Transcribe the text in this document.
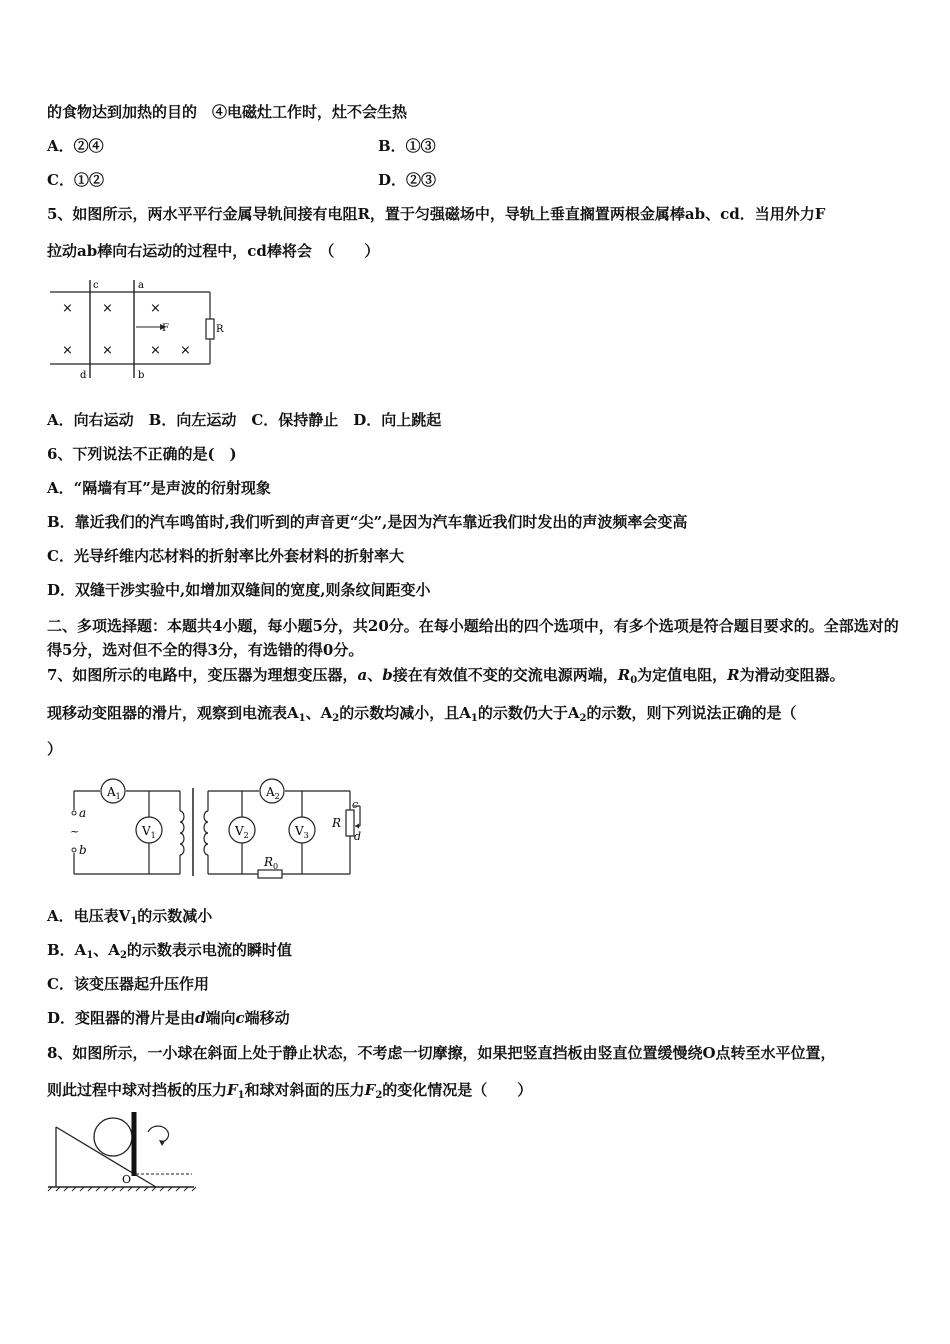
的食物达到加热的目的　④电磁灶工作时，灶不会生热
A．②④	B．①③
C．①②	D．②③
5、如图所示，两水平平行金属导轨间接有电阻R，置于匀强磁场中，导轨上垂直搁置两根金属棒ab、cd．当用外力F
拉动ab棒向右运动的过程中，cd棒将会　（　　）
c	a
d	b
F	R
× ×	×
× ×	× ×
A．向右运动　B．向左运动　C．保持静止　D．向上跳起
6、下列说法不正确的是(　)
A．“隔墙有耳”是声波的衍射现象
B．靠近我们的汽车鸣笛时,我们听到的声音更“尖”,是因为汽车靠近我们时发出的声波频率会变高
C．光导纤维内芯材料的折射率比外套材料的折射率大
D．双缝干涉实验中,如增加双缝间的宽度,则条纹间距变小
二、多项选择题：本题共4小题，每小题5分，共20分。在每小题给出的四个选项中，有多个选项是符合题目要求的。全部选对的得5分，选对但不全的得3分，有选错的得0分。
7、如图所示的电路中，变压器为理想变压器，a、b接在有效值不变的交流电源两端，$R_0$为定值电阻，R为滑动变阻器。
现移动变阻器的滑片，观察到电流表$A_1$、$A_2$的示数均减小，且$A_1$的示数仍大于$A_2$的示数，则下列说法正确的是（
）
$A_1$	$A_2$
$V_1$	$V_2$	$V_3$
a
b
~
c
d
R
$R_0$
A．电压表$V_1$的示数减小
B．$A_1$、$A_2$的示数表示电流的瞬时值
C．该变压器起升压作用
D．变阻器的滑片是由d端向c端移动
8、如图所示，一小球在斜面上处于静止状态，不考虑一切摩擦，如果把竖直挡板由竖直位置缓慢绕O点转至水平位置，
则此过程中球对挡板的压力$F_1$和球对斜面的压力$F_2$的变化情况是（　　）
O
